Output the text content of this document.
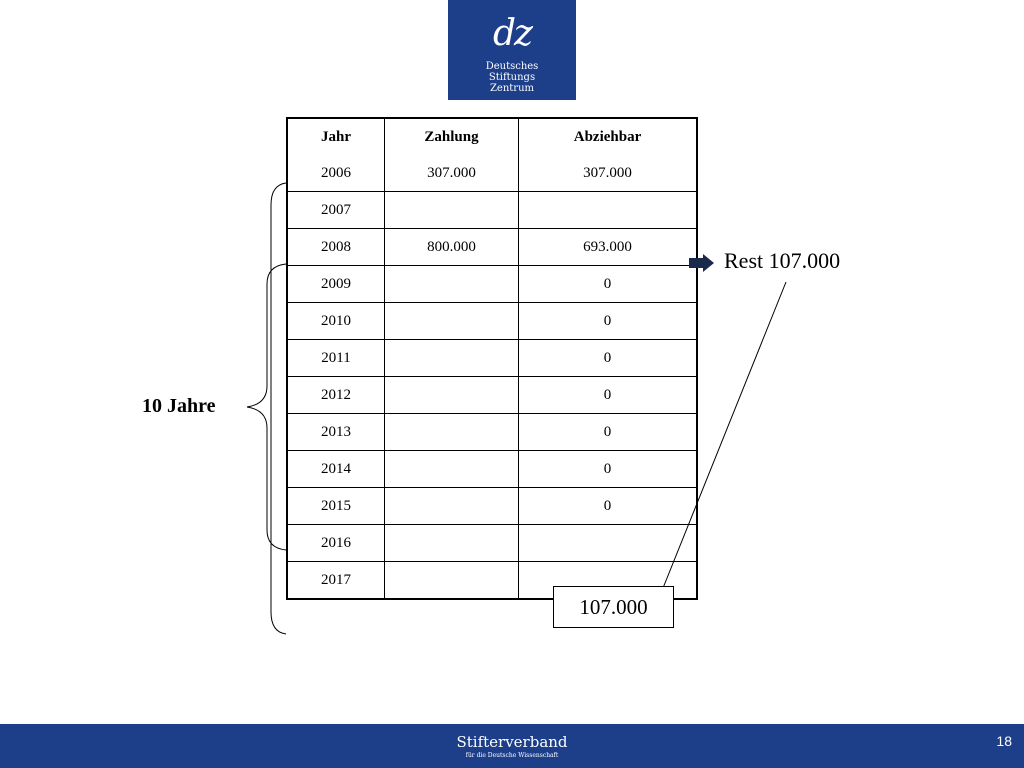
dz
Deutsches
Stiftungs
Zentrum
Jahr	Zahlung	Abziehbar
2006	307.000	307.000
2007		
2008	800.000	693.000
2009		0
2010		0
2011		0
2012		0
2013		0
2014		0
2015		0
2016		
2017		
10 Jahre
Rest 107.000
107.000
Stifterverband
für die Deutsche Wissenschaft
18
